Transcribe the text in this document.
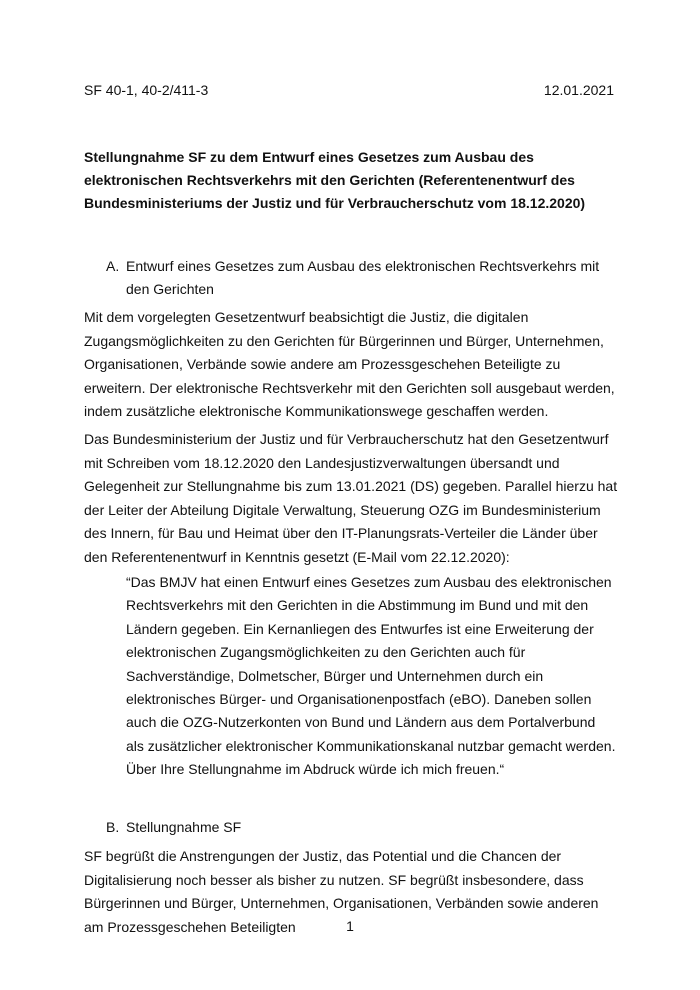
SF 40-1, 40-2/411-3	12.01.2021
Stellungnahme SF zu dem Entwurf eines Gesetzes zum Ausbau des elektronischen Rechtsverkehrs mit den Gerichten (Referentenentwurf des Bundesministeriums der Justiz und für Verbraucherschutz vom 18.12.2020)
A. Entwurf eines Gesetzes zum Ausbau des elektronischen Rechtsverkehrs mit den Gerichten
Mit dem vorgelegten Gesetzentwurf beabsichtigt die Justiz, die digitalen Zugangsmöglichkeiten zu den Gerichten für Bürgerinnen und Bürger, Unternehmen, Organisationen, Verbände sowie andere am Prozessgeschehen Beteiligte zu erweitern. Der elektronische Rechtsverkehr mit den Gerichten soll ausgebaut werden, indem zusätzliche elektronische Kommunikationswege geschaffen werden.
Das Bundesministerium der Justiz und für Verbraucherschutz hat den Gesetzentwurf mit Schreiben vom 18.12.2020 den Landesjustizverwaltungen übersandt und Gelegenheit zur Stellungnahme bis zum 13.01.2021 (DS) gegeben. Parallel hierzu hat der Leiter der Abteilung Digitale Verwaltung, Steuerung OZG im Bundesministerium des Innern, für Bau und Heimat über den IT-Planungsrats-Verteiler die Länder über den Referentenentwurf in Kenntnis gesetzt (E-Mail vom 22.12.2020):
“Das BMJV hat einen Entwurf eines Gesetzes zum Ausbau des elektronischen Rechtsverkehrs mit den Gerichten in die Abstimmung im Bund und mit den Ländern gegeben. Ein Kernanliegen des Entwurfes ist eine Erweiterung der elektronischen Zugangsmöglichkeiten zu den Gerichten auch für Sachverständige, Dolmetscher, Bürger und Unternehmen durch ein elektronisches Bürger- und Organisationenpostfach (eBO). Daneben sollen auch die OZG-Nutzerkonten von Bund und Ländern aus dem Portalverbund als zusätzlicher elektronischer Kommunikationskanal nutzbar gemacht werden. Über Ihre Stellungnahme im Abdruck würde ich mich freuen.“
B. Stellungnahme SF
SF begrüßt die Anstrengungen der Justiz, das Potential und die Chancen der Digitalisierung noch besser als bisher zu nutzen. SF begrüßt insbesondere, dass Bürgerinnen und Bürger, Unternehmen, Organisationen, Verbänden sowie anderen am Prozessgeschehen Beteiligten	1
